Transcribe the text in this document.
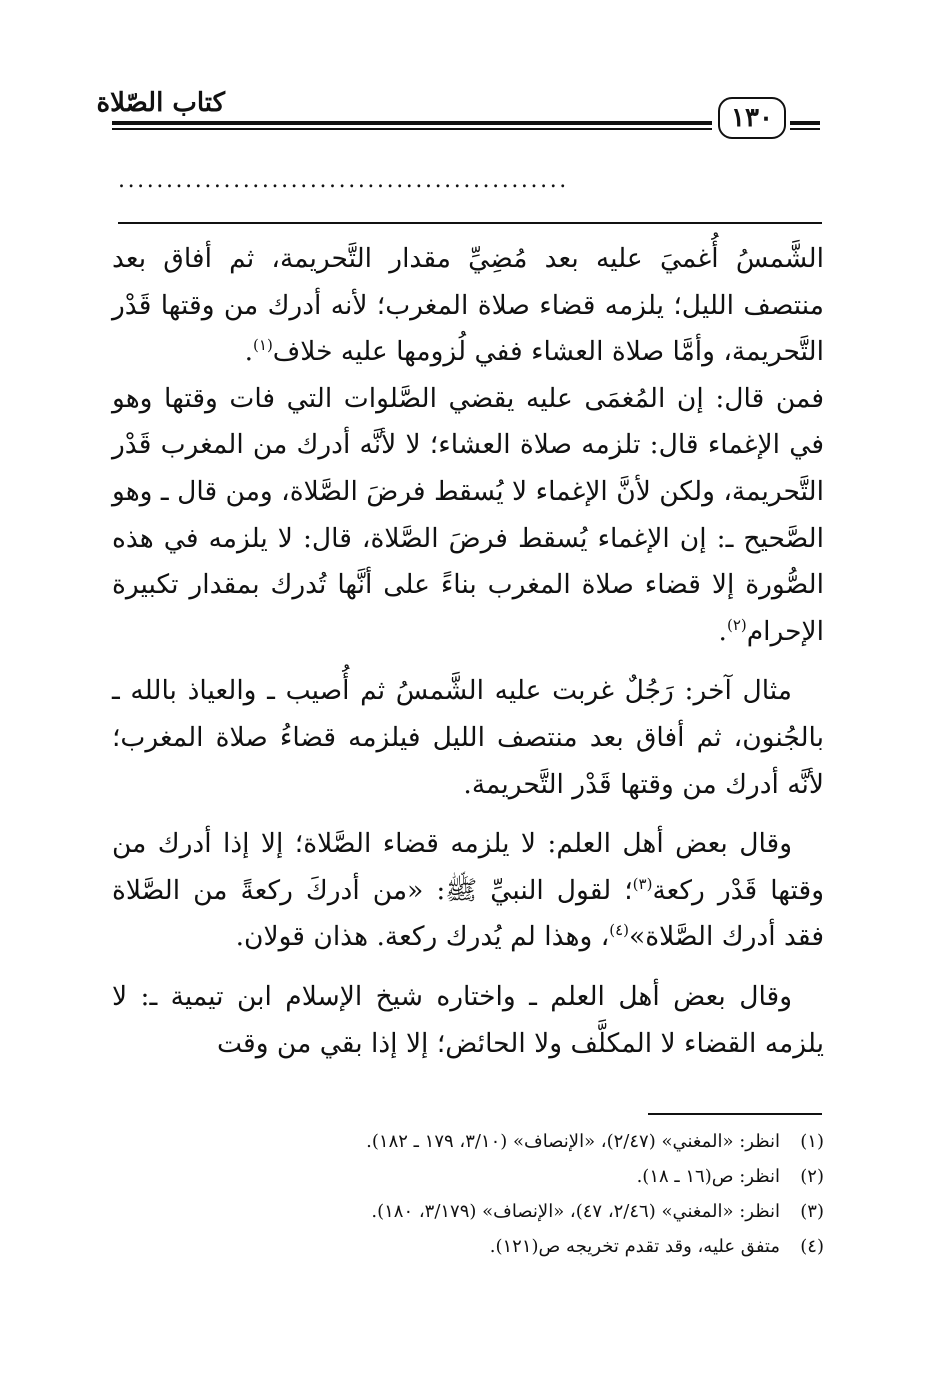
كتاب الصّلاة	١٣٠
...............................................

الشَّمسُ أُغميَ عليه بعد مُضِيِّ مقدار التَّحريمة، ثم أفاق بعد منتصف الليل؛ يلزمه قضاء صلاة المغرب؛ لأنه أدرك من وقتها قَدْر التَّحريمة، وأمَّا صلاة العشاء ففي لُزومها عليه خلاف$^{(١)}$.

فمن قال: إن المُغمَى عليه يقضي الصَّلوات التي فات وقتها وهو في الإغماء قال: تلزمه صلاة العشاء؛ لا لأنَّه أدرك من المغرب قَدْر التَّحريمة، ولكن لأنَّ الإغماء لا يُسقط فرضَ الصَّلاة، ومن قال ـ وهو الصَّحيح ـ: إن الإغماء يُسقط فرضَ الصَّلاة، قال: لا يلزمه في هذه الصُّورة إلا قضاء صلاة المغرب بناءً على أنَّها تُدرك بمقدار تكبيرة الإحرام$^{(٢)}$.

مثال آخر: رَجُلٌ غربت عليه الشَّمسُ ثم أُصيب ـ والعياذ بالله ـ بالجُنون، ثم أفاق بعد منتصف الليل فيلزمه قضاءُ صلاة المغرب؛ لأنَّه أدرك من وقتها قَدْر التَّحريمة.

وقال بعض أهل العلم: لا يلزمه قضاء الصَّلاة؛ إلا إذا أدرك من وقتها قَدْر ركعة$^{(٣)}$؛ لقول النبيِّ ﷺ: «من أدركَ ركعةً من الصَّلاة فقد أدرك الصَّلاة»$^{(٤)}$، وهذا لم يُدرك ركعة. هذان قولان.

وقال بعض أهل العلم ـ واختاره شيخ الإسلام ابن تيمية ـ: لا يلزمه القضاء لا المكلَّف ولا الحائض؛ إلا إذا بقي من وقت

(١)
انظر: «المغني» (٢/٤٧)، «الإنصاف» (٣/١٠، ١٧٩ ـ ١٨٢).
(٢)
انظر: ص(١٦ ـ ١٨).
(٣)
انظر: «المغني» (٢/٤٦، ٤٧)، «الإنصاف» (٣/١٧٩، ١٨٠).
(٤)
متفق عليه، وقد تقدم تخريجه ص(١٢١).
